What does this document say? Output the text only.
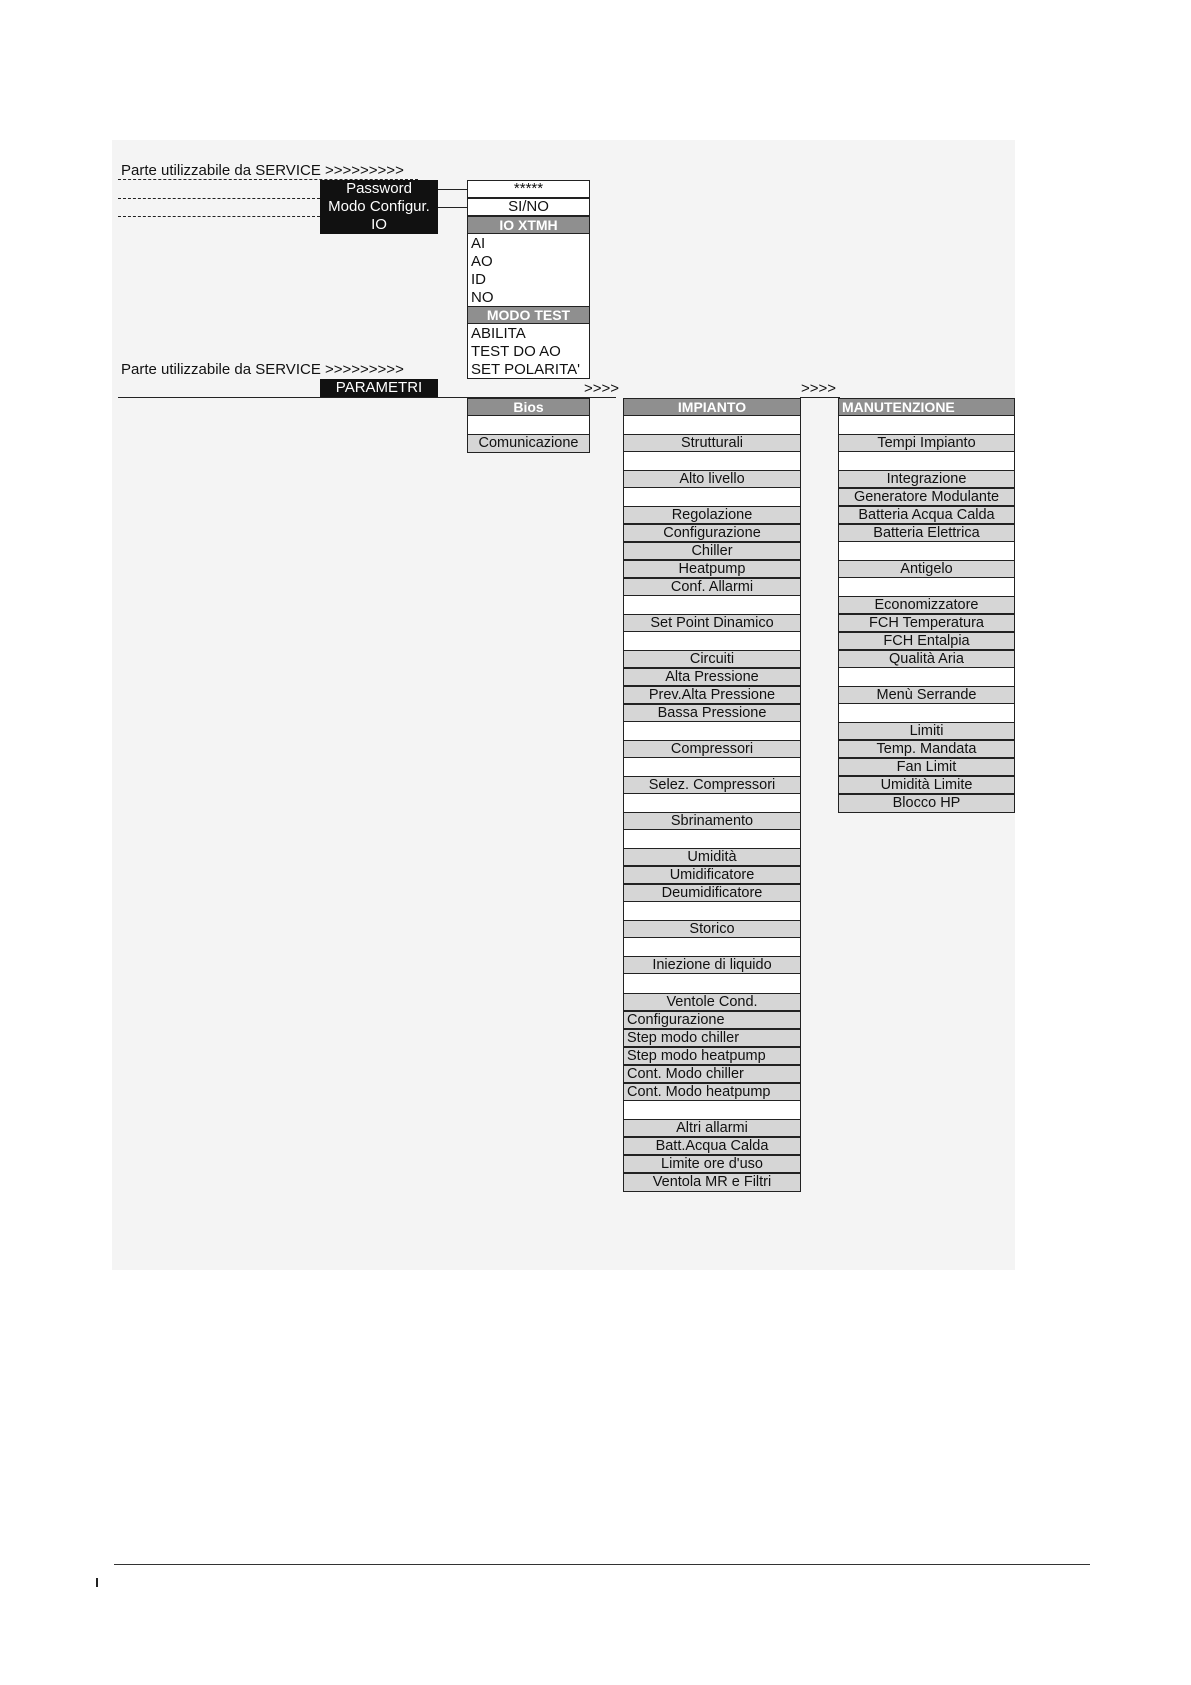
Parte utilizzabile da SERVICE >>>>>>>>>
Parte utilizzabile da SERVICE >>>>>>>>>
Password
Modo Configur.
IO
PARAMETRI
*****
SI/NO
IO XTMH
AI
AO
ID
NO
MODO TEST
ABILITA
TEST DO AO
SET POLARITA'
>>>>	>>>>
Bios
Comunicazione
IMPIANTO
Strutturali
Alto livello
Regolazione
Configurazione
Chiller
Heatpump
Conf. Allarmi
Set Point Dinamico
Circuiti
Alta Pressione
Prev.Alta Pressione
Bassa Pressione
Compressori
Selez. Compressori
Sbrinamento
Umidità
Umidificatore
Deumidificatore
Storico
Iniezione di liquido
Ventole Cond.
Configurazione
Step modo chiller
Step modo heatpump
Cont. Modo chiller
Cont. Modo heatpump
Altri allarmi
Batt.Acqua Calda
Limite ore d'uso
Ventola MR e Filtri
MANUTENZIONE
Tempi Impianto
Integrazione
Generatore Modulante
Batteria Acqua Calda
Batteria Elettrica
Antigelo
Economizzatore
FCH Temperatura
FCH Entalpia
Qualità Aria
Menù Serrande
Limiti
Temp. Mandata
Fan Limit
Umidità Limite
Blocco HP
